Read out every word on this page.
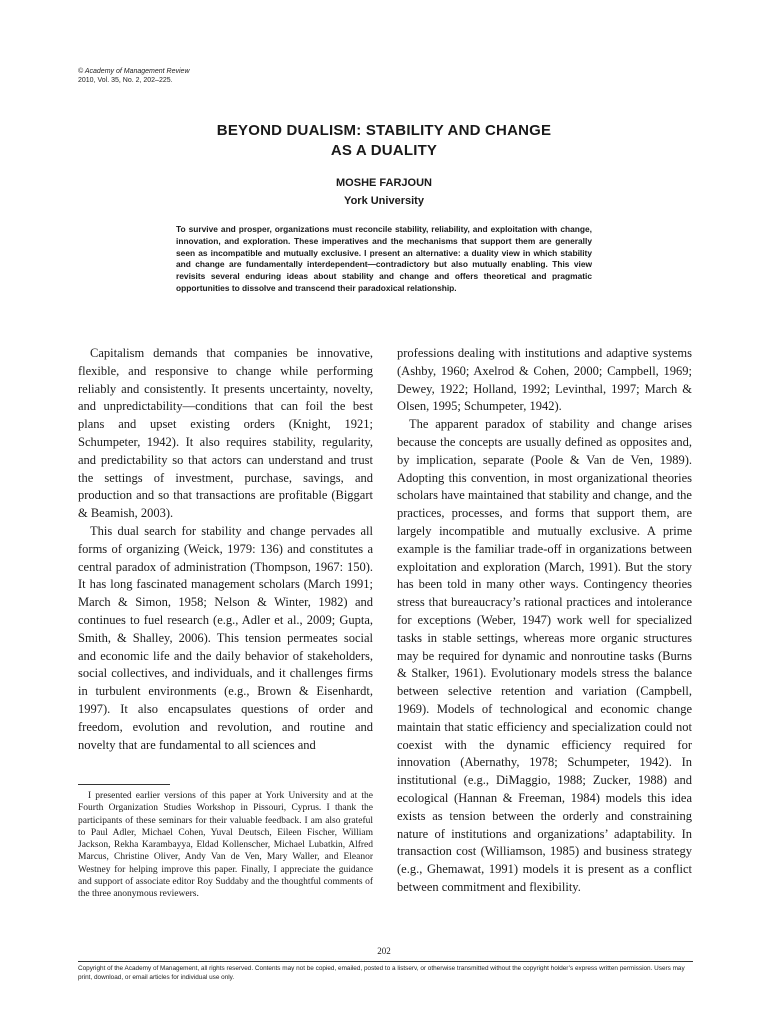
© Academy of Management Review
2010, Vol. 35, No. 2, 202–225.
BEYOND DUALISM: STABILITY AND CHANGE
AS A DUALITY
MOSHE FARJOUN
York University
To survive and prosper, organizations must reconcile stability, reliability, and exploitation with change, innovation, and exploration. These imperatives and the mechanisms that support them are generally seen as incompatible and mutually exclusive. I present an alternative: a duality view in which stability and change are fundamentally interdependent—contradictory but also mutually enabling. This view revisits several enduring ideas about stability and change and offers theoretical and pragmatic opportunities to dissolve and transcend their paradoxical relationship.

Capitalism demands that companies be innovative, flexible, and responsive to change while performing reliably and consistently. It presents uncertainty, novelty, and unpredictability—conditions that can foil the best plans and upset existing orders (Knight, 1921; Schumpeter, 1942). It also requires stability, regularity, and predictability so that actors can understand and trust the settings of investment, purchase, savings, and production and so that transactions are profitable (Biggart & Beamish, 2003).

This dual search for stability and change pervades all forms of organizing (Weick, 1979: 136) and constitutes a central paradox of administration (Thompson, 1967: 150). It has long fascinated management scholars (March 1991; March & Simon, 1958; Nelson & Winter, 1982) and continues to fuel research (e.g., Adler et al., 2009; Gupta, Smith, & Shalley, 2006). This tension permeates social and economic life and the daily behavior of stakeholders, social collectives, and individuals, and it challenges firms in turbulent environments (e.g., Brown & Eisenhardt, 1997). It also encapsulates questions of order and freedom, evolution and revolution, and routine and novelty that are fundamental to all sciences and

professions dealing with institutions and adaptive systems (Ashby, 1960; Axelrod & Cohen, 2000; Campbell, 1969; Dewey, 1922; Holland, 1992; Levinthal, 1997; March & Olsen, 1995; Schumpeter, 1942).

The apparent paradox of stability and change arises because the concepts are usually defined as opposites and, by implication, separate (Poole & Van de Ven, 1989). Adopting this convention, in most organizational theories scholars have maintained that stability and change, and the practices, processes, and forms that support them, are largely incompatible and mutually exclusive. A prime example is the familiar trade-off in organizations between exploitation and exploration (March, 1991). But the story has been told in many other ways. Contingency theories stress that bureaucracy’s rational practices and intolerance for exceptions (Weber, 1947) work well for specialized tasks in stable settings, whereas more organic structures may be required for dynamic and nonroutine tasks (Burns & Stalker, 1961). Evolutionary models stress the balance between selective retention and variation (Campbell, 1969). Models of technological and economic change maintain that static efficiency and specialization could not coexist with the dynamic efficiency required for innovation (Abernathy, 1978; Schumpeter, 1942). In institutional (e.g., DiMaggio, 1988; Zucker, 1988) and ecological (Hannan & Freeman, 1984) models this idea exists as tension between the orderly and constraining nature of institutions and organizations’ adaptability. In transaction cost (Williamson, 1985) and business strategy (e.g., Ghemawat, 1991) models it is present as a conflict between commitment and flexibility.

I presented earlier versions of this paper at York University and at the Fourth Organization Studies Workshop in Pissouri, Cyprus. I thank the participants of these seminars for their valuable feedback. I am also grateful to Paul Adler, Michael Cohen, Yuval Deutsch, Eileen Fischer, William Jackson, Rekha Karambayya, Eldad Kollenscher, Michael Lubatkin, Alfred Marcus, Christine Oliver, Andy Van de Ven, Mary Waller, and Eleanor Westney for helping improve this paper. Finally, I appreciate the guidance and support of associate editor Roy Suddaby and the thoughtful comments of the three anonymous reviewers.

202
Copyright of the Academy of Management, all rights reserved. Contents may not be copied, emailed, posted to a listserv, or otherwise transmitted without the copyright holder’s express written permission. Users may print, download, or email articles for individual use only.
